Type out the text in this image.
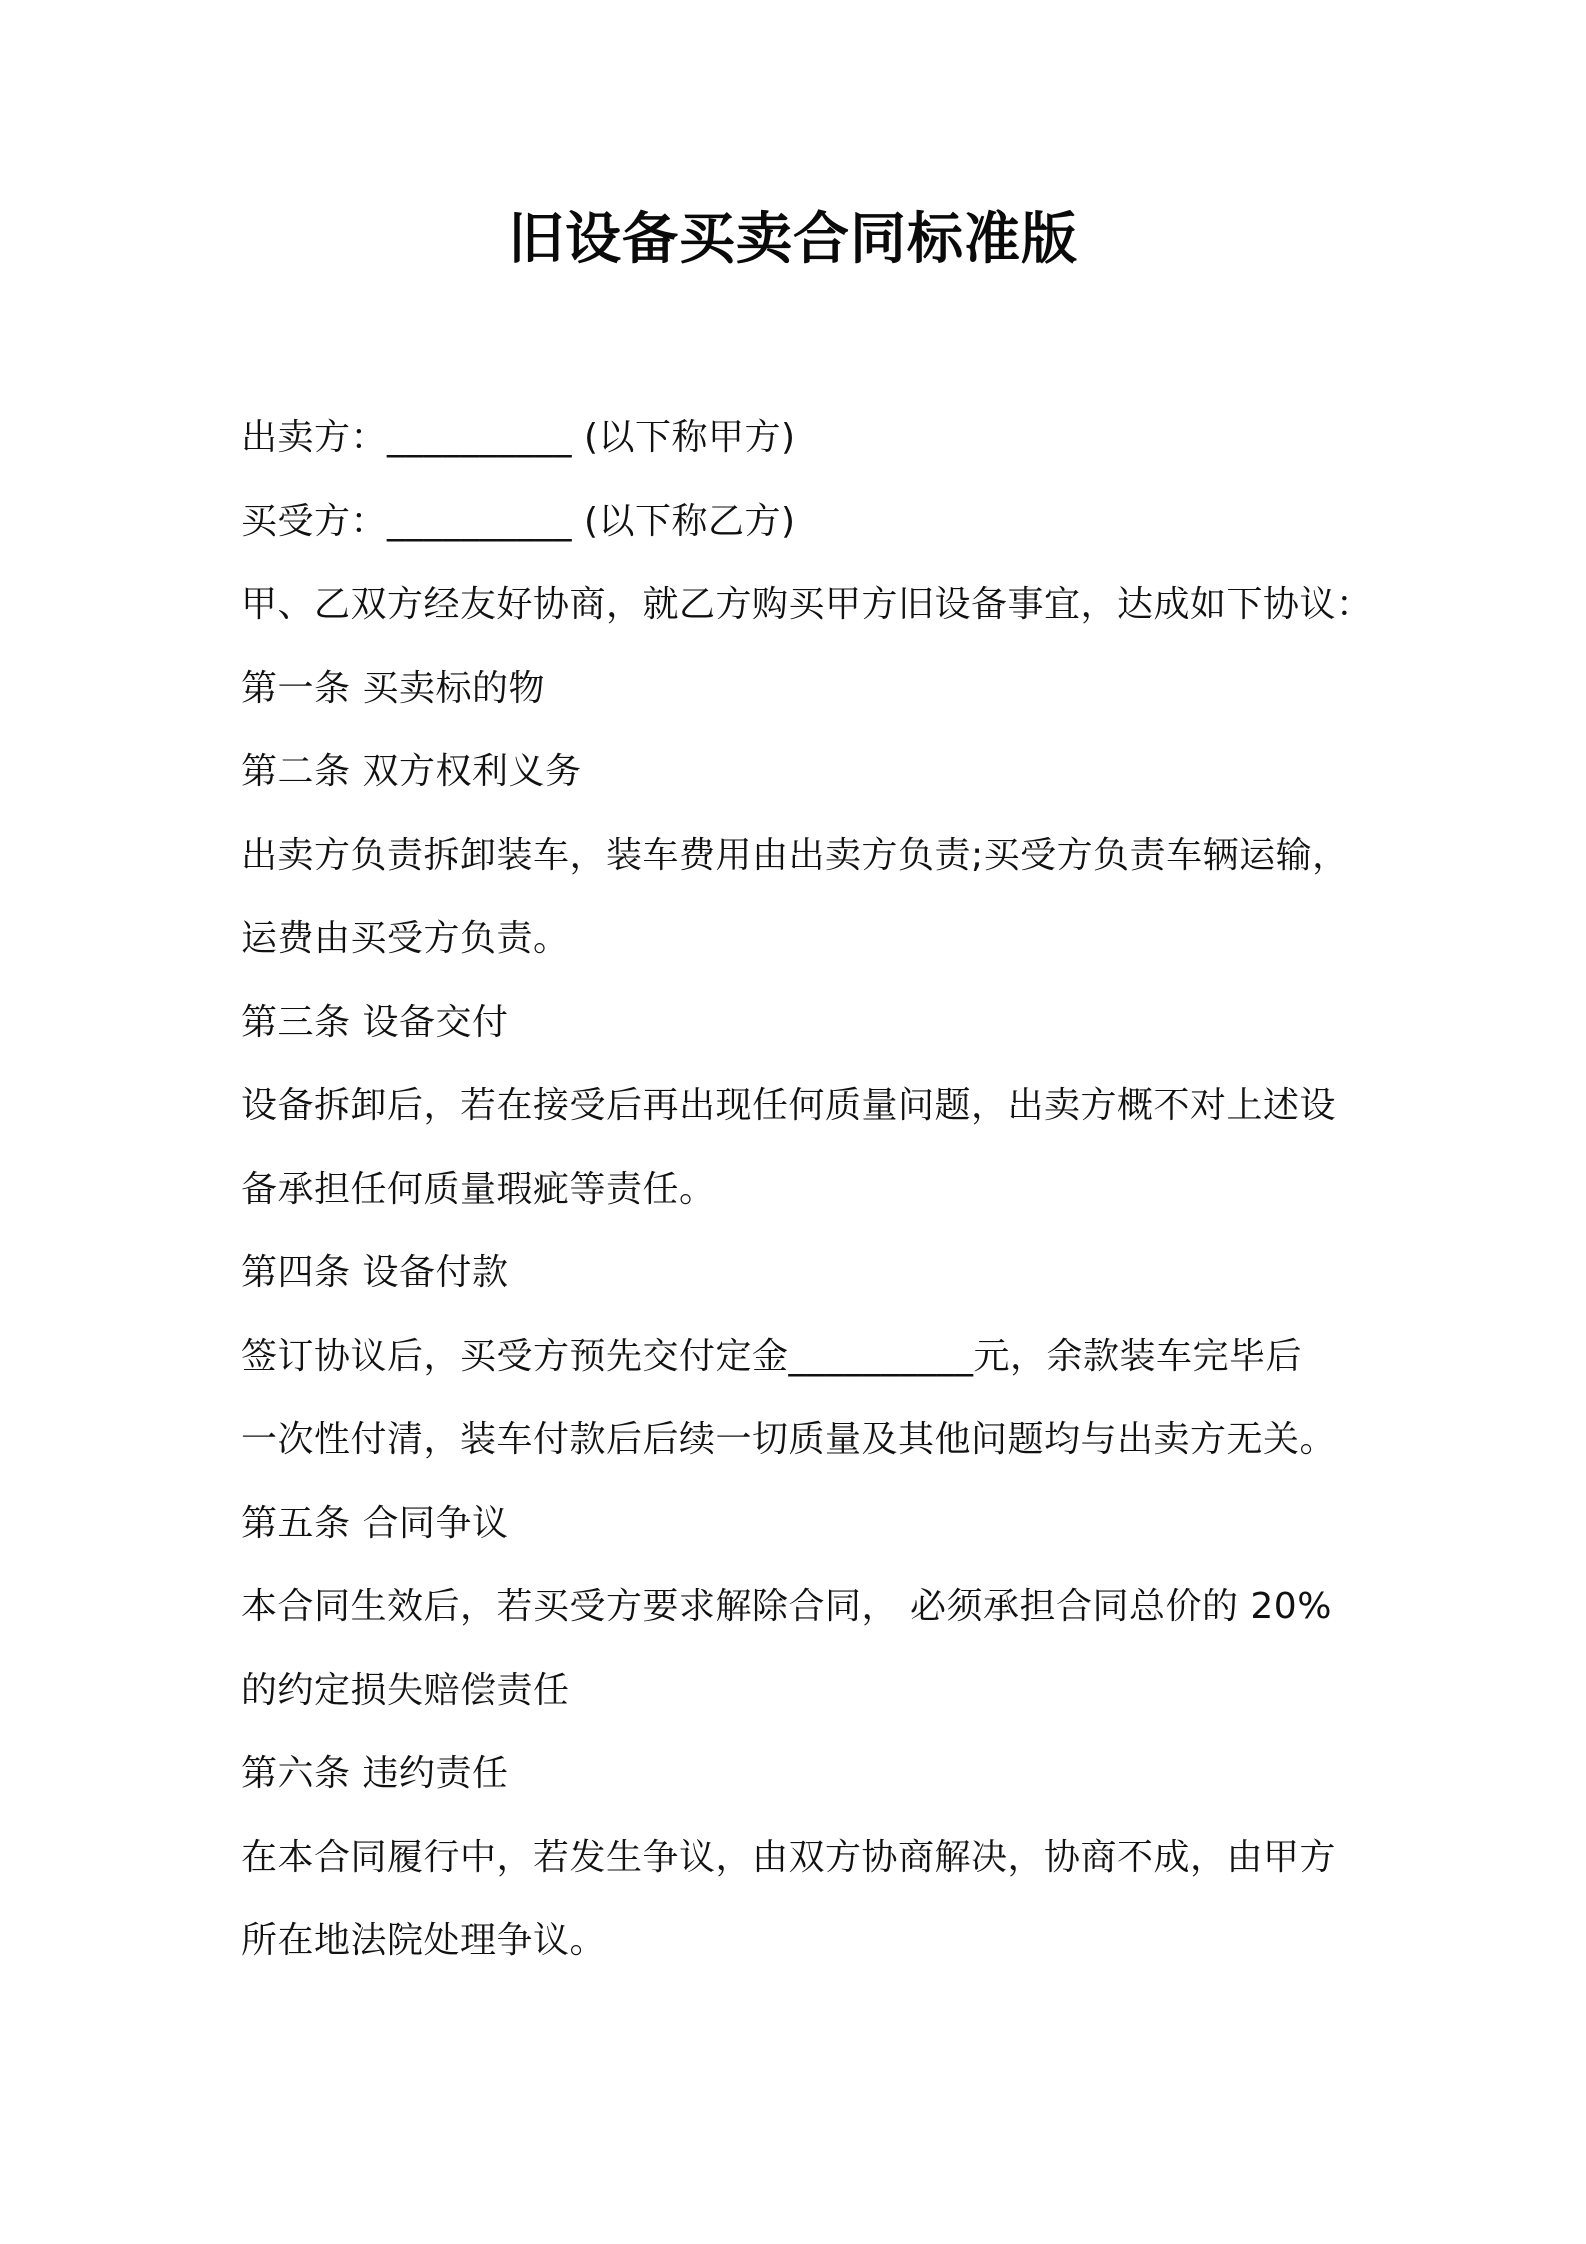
旧设备买卖合同标准版
出卖方：__________ (以下称甲方)
买受方：__________ (以下称乙方)
甲、乙双方经友好协商，就乙方购买甲方旧设备事宜，达成如下协议：
第一条 买卖标的物
第二条 双方权利义务
出卖方负责拆卸装车，装车费用由出卖方负责;买受方负责车辆运输，
运费由买受方负责。
第三条 设备交付
设备拆卸后，若在接受后再出现任何质量问题，出卖方概不对上述设
备承担任何质量瑕疵等责任。
第四条 设备付款
签订协议后，买受方预先交付定金__________元，余款装车完毕后
一次性付清，装车付款后后续一切质量及其他问题均与出卖方无关。
第五条 合同争议
本合同生效后，若买受方要求解除合同， 必须承担合同总价的 20%
的约定损失赔偿责任
第六条 违约责任
在本合同履行中，若发生争议，由双方协商解决，协商不成，由甲方
所在地法院处理争议。
